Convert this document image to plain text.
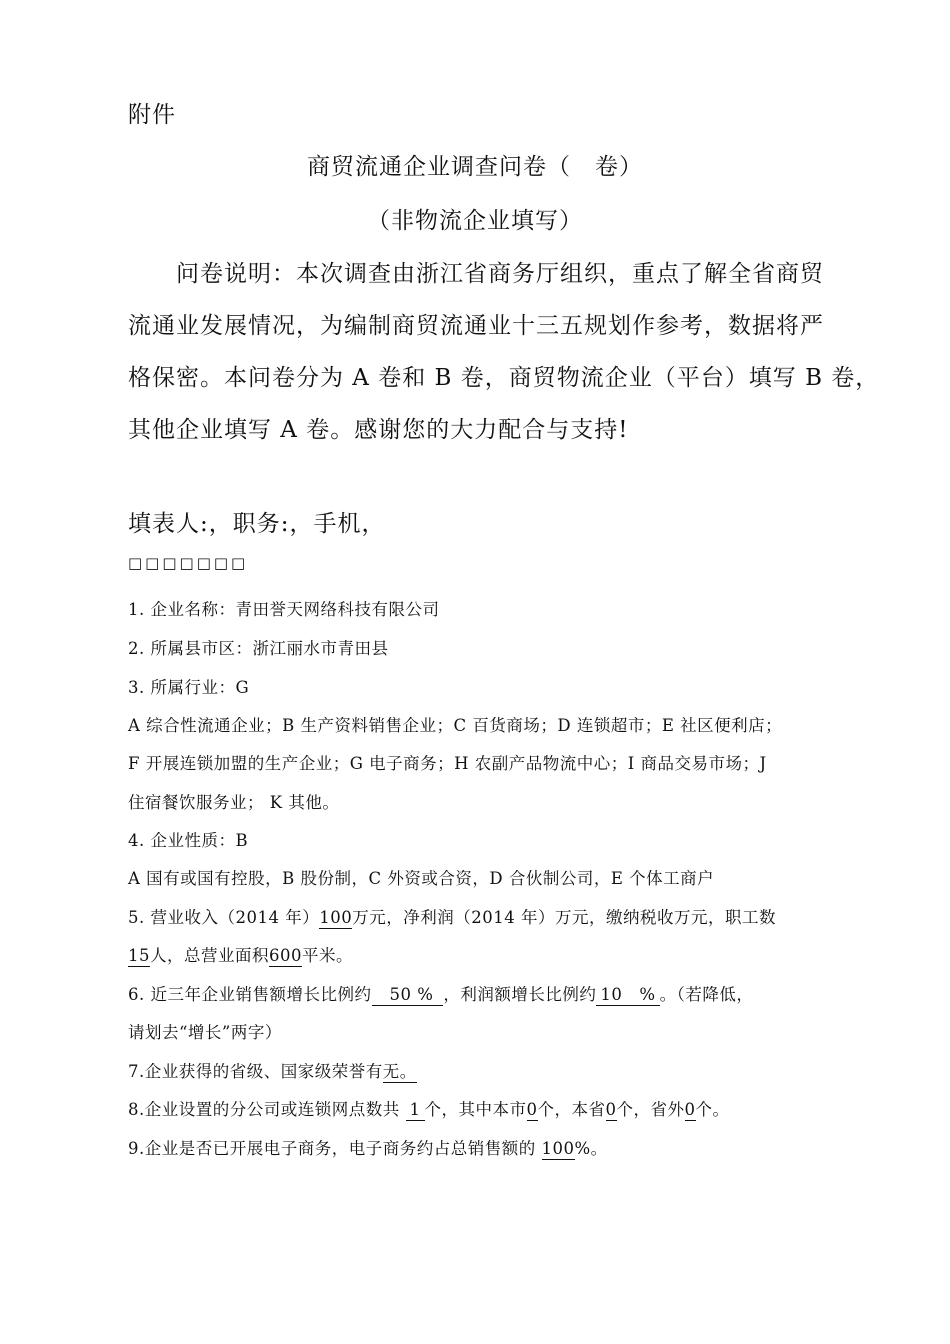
附件
商贸流通企业调查问卷（　卷）
（非物流企业填写）
问卷说明：本次调查由浙江省商务厅组织，重点了解全省商贸
流通业发展情况，为编制商贸流通业十三五规划作参考，数据将严
格保密。本问卷分为 A 卷和 B 卷，商贸物流企业（平台）填写 B 卷，
其他企业填写 A 卷。感谢您的大力配合与支持!
填表人:，职务:，手机，
□□□□□□□
1. 企业名称：青田誉天网络科技有限公司
2. 所属县市区：浙江丽水市青田县
3. 所属行业：G
A 综合性流通企业；B 生产资料销售企业；C 百货商场；D 连锁超市；E 社区便利店；
F 开展连锁加盟的生产企业；G 电子商务；H 农副产品物流中心；I 商品交易市场；J
住宿餐饮服务业； K 其他。
4. 企业性质：B
A 国有或国有控股，B 股份制，C 外资或合资，D 合伙制公司，E 个体工商户
5. 营业收入（2014 年）100万元，净利润（2014 年）万元，缴纳税收万元，职工数
15人，总营业面积600平米。
6. 近三年企业销售额增长比例约 50 % ，利润额增长比例约 10　% 。（若降低，
请划去“增长”两字）
7.企业获得的省级、国家级荣誉有无。
8.企业设置的分公司或连锁网点数共 1 个，其中本市0个，本省0个，省外0个。
9.企业是否已开展电子商务，电子商务约占总销售额的 100%。
